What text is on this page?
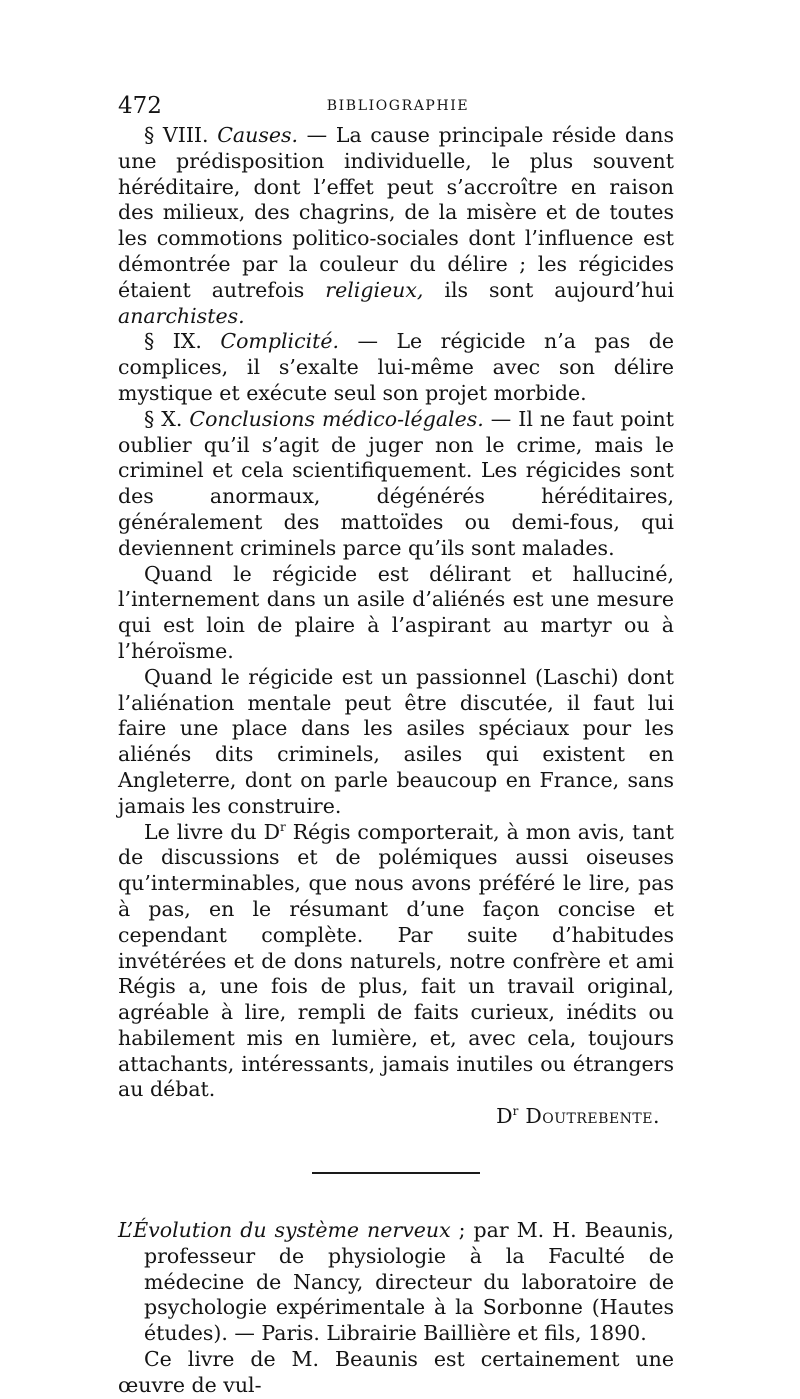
472	BIBLIOGRAPHIE

§ VIII. Causes. — La cause principale réside dans une prédisposition individuelle, le plus souvent héréditaire, dont l’effet peut s’accroître en raison des milieux, des chagrins, de la misère et de toutes les commotions politico-sociales dont l’influence est démontrée par la couleur du délire ; les régicides étaient autrefois religieux, ils sont aujourd’hui anarchistes.

§ IX. Complicité. — Le régicide n’a pas de complices, il s’exalte lui-même avec son délire mystique et exécute seul son projet morbide.

§ X. Conclusions médico-légales. — Il ne faut point oublier qu’il s’agit de juger non le crime, mais le criminel et cela scientifiquement. Les régicides sont des anormaux, dégénérés héréditaires, généralement des mattoïdes ou demi-fous, qui deviennent criminels parce qu’ils sont malades.

Quand le régicide est délirant et halluciné, l’internement dans un asile d’aliénés est une mesure qui est loin de plaire à l’aspirant au martyr ou à l’héroïsme.

Quand le régicide est un passionnel (Laschi) dont l’aliénation mentale peut être discutée, il faut lui faire une place dans les asiles spéciaux pour les aliénés dits criminels, asiles qui existent en Angleterre, dont on parle beaucoup en France, sans jamais les construire.

Le livre du $D^r$ Régis comporterait, à mon avis, tant de discussions et de polémiques aussi oiseuses qu’interminables, que nous avons préféré le lire, pas à pas, en le résumant d’une façon concise et cependant complète. Par suite d’habitudes invétérées et de dons naturels, notre confrère et ami Régis a, une fois de plus, fait un travail original, agréable à lire, rempli de faits curieux, inédits ou habilement mis en lumière, et, avec cela, toujours attachants, intéressants, jamais inutiles ou étrangers au débat.

$D^r$ Doutrebente.

L’Évolution du système nerveux ; par M. H. Beaunis, professeur de physiologie à la Faculté de médecine de Nancy, directeur du laboratoire de psychologie expérimentale à la Sorbonne (Hautes études). — Paris. Librairie Baillière et fils, 1890.

Ce livre de M. Beaunis est certainement une œuvre de vul-
